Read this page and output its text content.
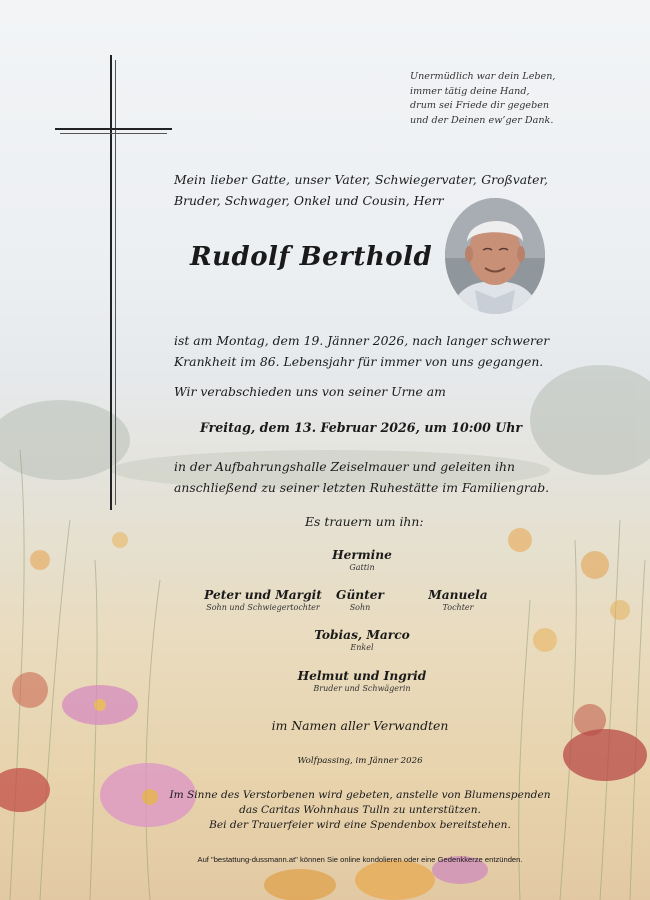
Unermüdlich war dein Leben,
immer tätig deine Hand,
drum sei Friede dir gegeben
und der Deinen ew’ger Dank.
Mein lieber Gatte, unser Vater, Schwiegervater, Großvater, Bruder, Schwager, Onkel und Cousin, Herr
Rudolf Berthold
ist am Montag, dem 19. Jänner 2026, nach langer schwerer
Krankheit im 86. Lebensjahr für immer von uns gegangen.
Wir verabschieden uns von seiner Urne am
Freitag, dem 13. Februar 2026, um 10:00 Uhr
in der Aufbahrungshalle Zeiselmauer und geleiten ihn
anschließend zu seiner letzten Ruhestätte im Familiengrab.
Es trauern um ihn:
Hermine
Gattin
Peter und Margit
Sohn und Schwiegertochter
Günter
Sohn
Manuela
Tochter
Tobias, Marco
Enkel
Helmut und Ingrid
Bruder und Schwägerin
im Namen aller Verwandten
Wolfpassing, im Jänner 2026
Im Sinne des Verstorbenen wird gebeten, anstelle von Blumenspenden
das Caritas Wohnhaus Tulln zu unterstützen.
Bei der Trauerfeier wird eine Spendenbox bereitstehen.
Auf "bestattung-dussmann.at" können Sie online kondolieren oder eine Gedenkkerze entzünden.
